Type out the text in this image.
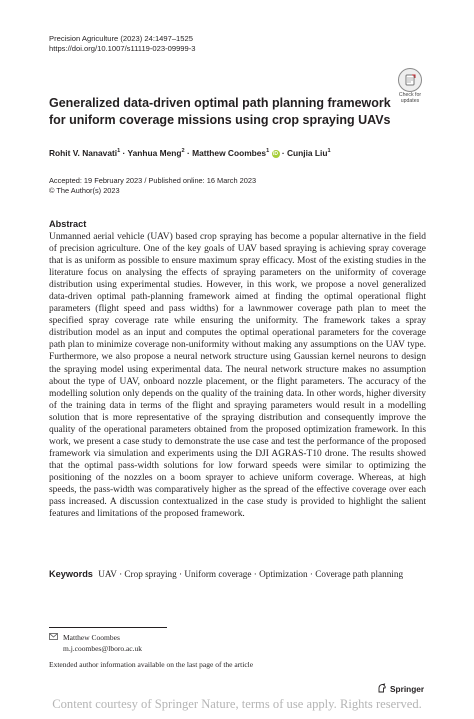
Precision Agriculture (2023) 24:1497–1525
https://doi.org/10.1007/s11119-023-09999-3
Check for
updates
Generalized data-driven optimal path planning framework
for uniform coverage missions using crop spraying UAVs
Rohit V. Nanavati$^1$ · Yanhua Meng$^2$ · Matthew Coombes$^1$ iD · Cunjia Liu$^1$
Accepted: 19 February 2023 / Published online: 16 March 2023
© The Author(s) 2023
Abstract
Unmanned aerial vehicle (UAV) based crop spraying has become a popular alternative in the field of precision agriculture. One of the key goals of UAV based spraying is achieving spray coverage that is as uniform as possible to ensure maximum spray efficacy. Most of the existing studies in the literature focus on analysing the effects of spraying parameters on the uniformity of coverage distribution using experimental studies. However, in this work, we propose a novel generalized data-driven optimal path-planning framework aimed at finding the optimal operational flight parameters (flight speed and pass widths) for a lawnmower coverage path plan to meet the specified spray coverage rate while ensuring the uniformity. The framework takes a spray distribution model as an input and computes the optimal operational parameters for the coverage path plan to minimize coverage non-uniformity without making any assumptions on the UAV type. Furthermore, we also propose a neural network structure using Gaussian kernel neurons to design the spraying model using experimental data. The neural network structure makes no assumption about the type of UAV, onboard nozzle placement, or the flight parameters. The accuracy of the modelling solution only depends on the quality of the training data. In other words, higher diversity of the training data in terms of the flight and spraying parameters would result in a modelling solution that is more representative of the spraying distribution and consequently improve the quality of the operational parameters obtained from the proposed optimization framework. In this work, we present a case study to demonstrate the use case and test the performance of the proposed framework via simulation and experiments using the DJI AGRAS-T10 drone. The results showed that the optimal pass-width solutions for low forward speeds were similar to optimizing the positioning of the nozzles on a boom sprayer to achieve uniform coverage. Whereas, at high speeds, the pass-width was comparatively higher as the spread of the effective coverage over each pass increased. A discussion contextualized in the case study is provided to highlight the salient features and limitations of the proposed framework.
Keywords UAV · Crop spraying · Uniform coverage · Optimization · Coverage path planning
Matthew Coombes
m.j.coombes@lboro.ac.uk
Extended author information available on the last page of the article
Springer
Content courtesy of Springer Nature, terms of use apply. Rights reserved.
